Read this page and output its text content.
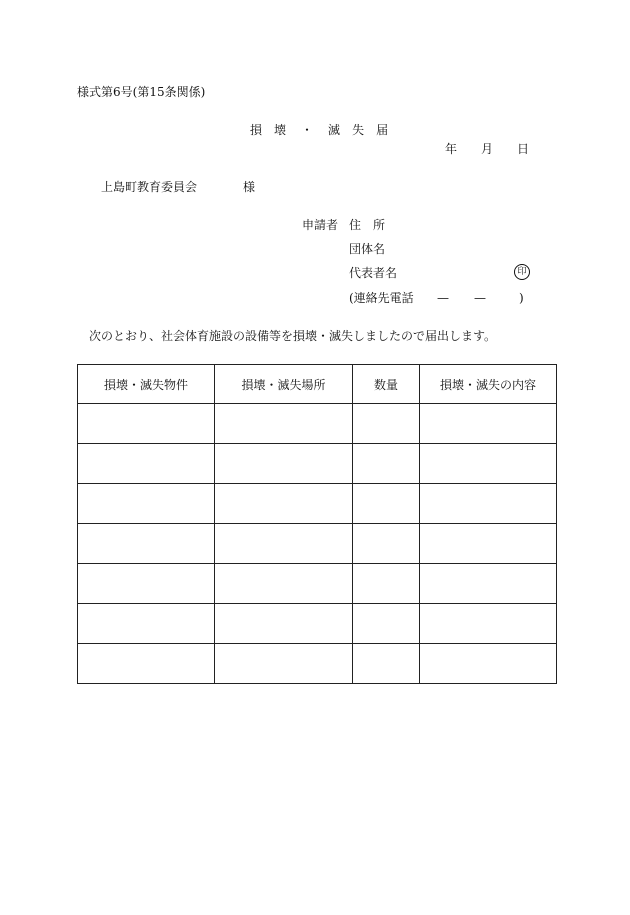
様式第6号(第15条関係)
損 壊 ・ 滅 失 届
年 月 日
上島町教育委員会	様
申請者 住　所
団体名
代表者名	印
(連絡先電話 — —	)
次のとおり、社会体育施設の設備等を損壊・滅失しましたので届出します。
損壊・滅失物件	損壊・滅失場所	数量	損壊・滅失の内容
